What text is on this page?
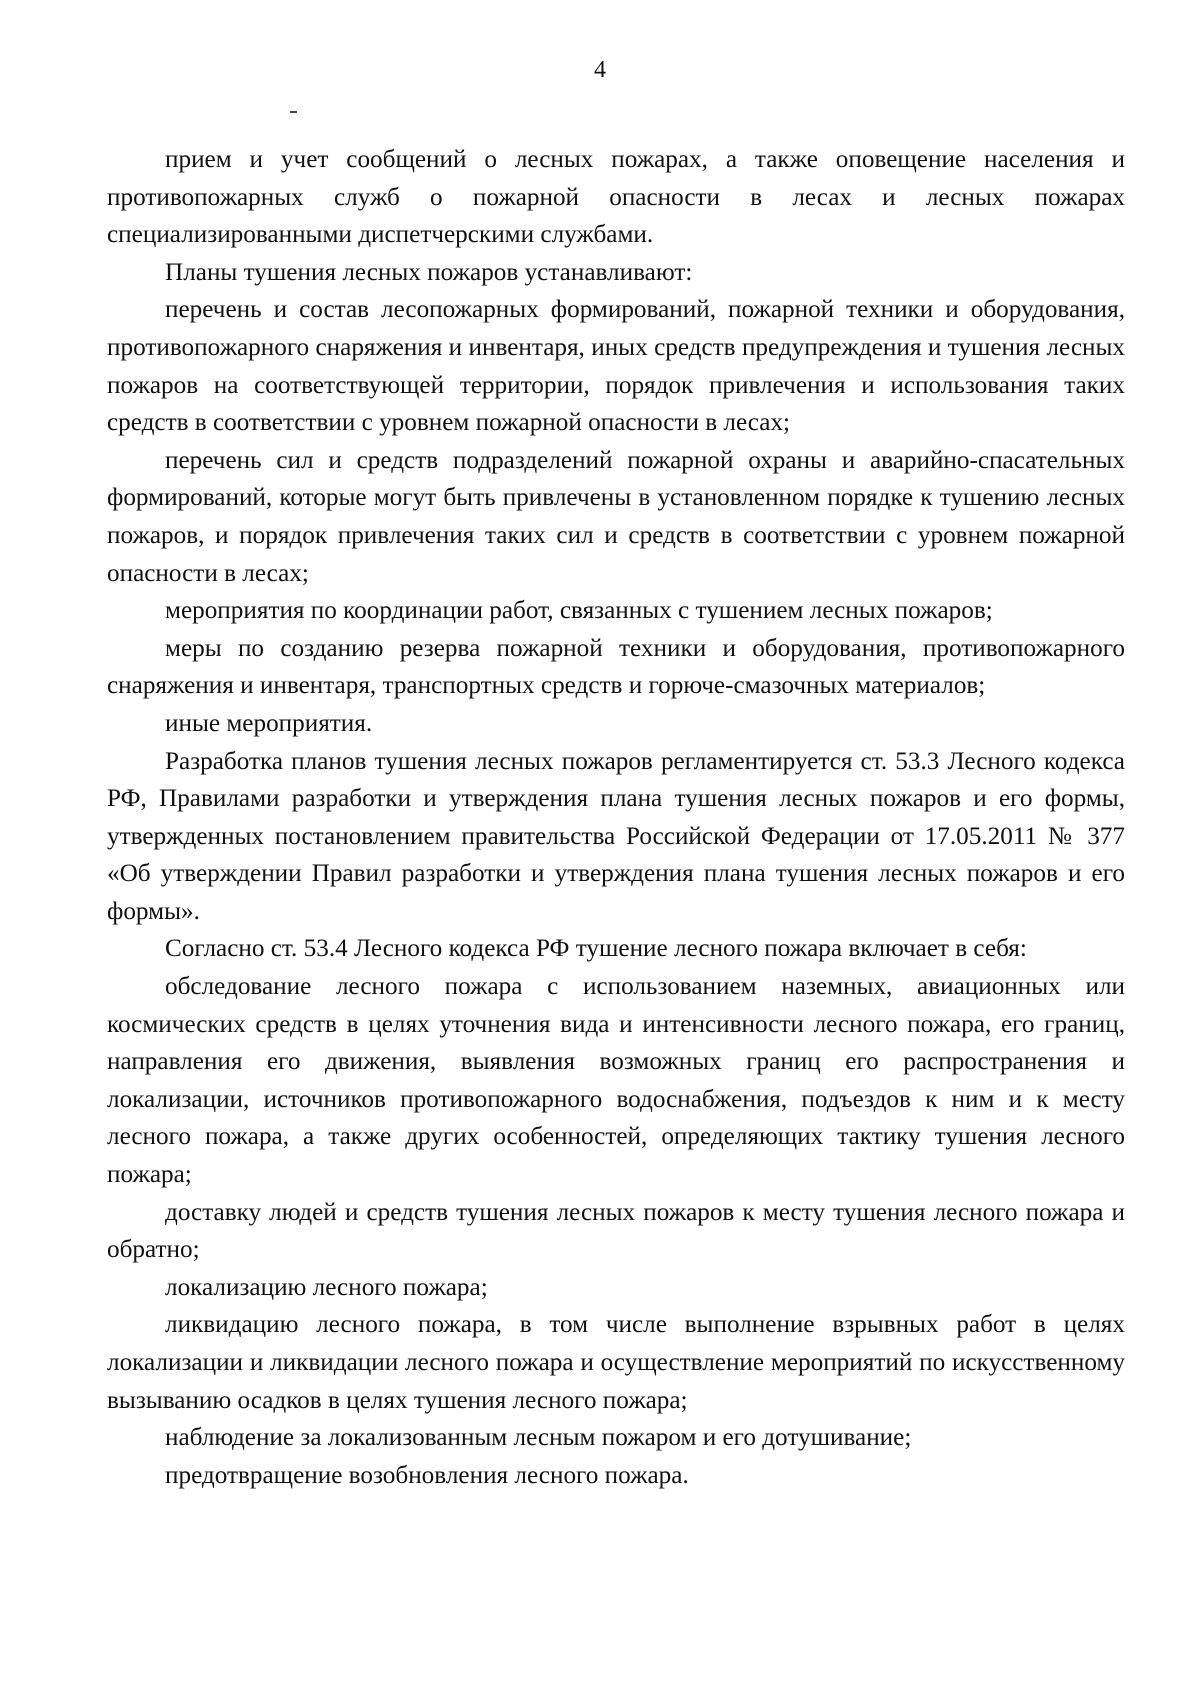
4

прием и учет сообщений о лесных пожарах, а также оповещение населения и противопожарных служб о пожарной опасности в лесах и лесных пожарах специализированными диспетчерскими службами.

Планы тушения лесных пожаров устанавливают:

перечень и состав лесопожарных формирований, пожарной техники и оборудования, противопожарного снаряжения и инвентаря, иных средств предупреждения и тушения лесных пожаров на соответствующей территории, порядок привлечения и использования таких средств в соответствии с уровнем пожарной опасности в лесах;

перечень сил и средств подразделений пожарной охраны и аварийно-спасательных формирований, которые могут быть привлечены в установленном порядке к тушению лесных пожаров, и порядок привлечения таких сил и средств в соответствии с уровнем пожарной опасности в лесах;

мероприятия по координации работ, связанных с тушением лесных пожаров;

меры по созданию резерва пожарной техники и оборудования, противопожарного снаряжения и инвентаря, транспортных средств и горюче-смазочных материалов;

иные мероприятия.

Разработка планов тушения лесных пожаров регламентируется ст. 53.3 Лесного кодекса РФ, Правилами разработки и утверждения плана тушения лесных пожаров и его формы, утвержденных постановлением правительства Российской Федерации от 17.05.2011 № 377 «Об утверждении Правил разработки и утверждения плана тушения лесных пожаров и его формы».

Согласно ст. 53.4 Лесного кодекса РФ тушение лесного пожара включает в себя:

обследование лесного пожара с использованием наземных, авиационных или космических средств в целях уточнения вида и интенсивности лесного пожара, его границ, направления его движения, выявления возможных границ его распространения и локализации, источников противопожарного водоснабжения, подъездов к ним и к месту лесного пожара, а также других особенностей, определяющих тактику тушения лесного пожара;

доставку людей и средств тушения лесных пожаров к месту тушения лесного пожара и обратно;

локализацию лесного пожара;

ликвидацию лесного пожара, в том числе выполнение взрывных работ в целях локализации и ликвидации лесного пожара и осуществление мероприятий по искусственному вызыванию осадков в целях тушения лесного пожара;

наблюдение за локализованным лесным пожаром и его дотушивание;

предотвращение возобновления лесного пожара.
